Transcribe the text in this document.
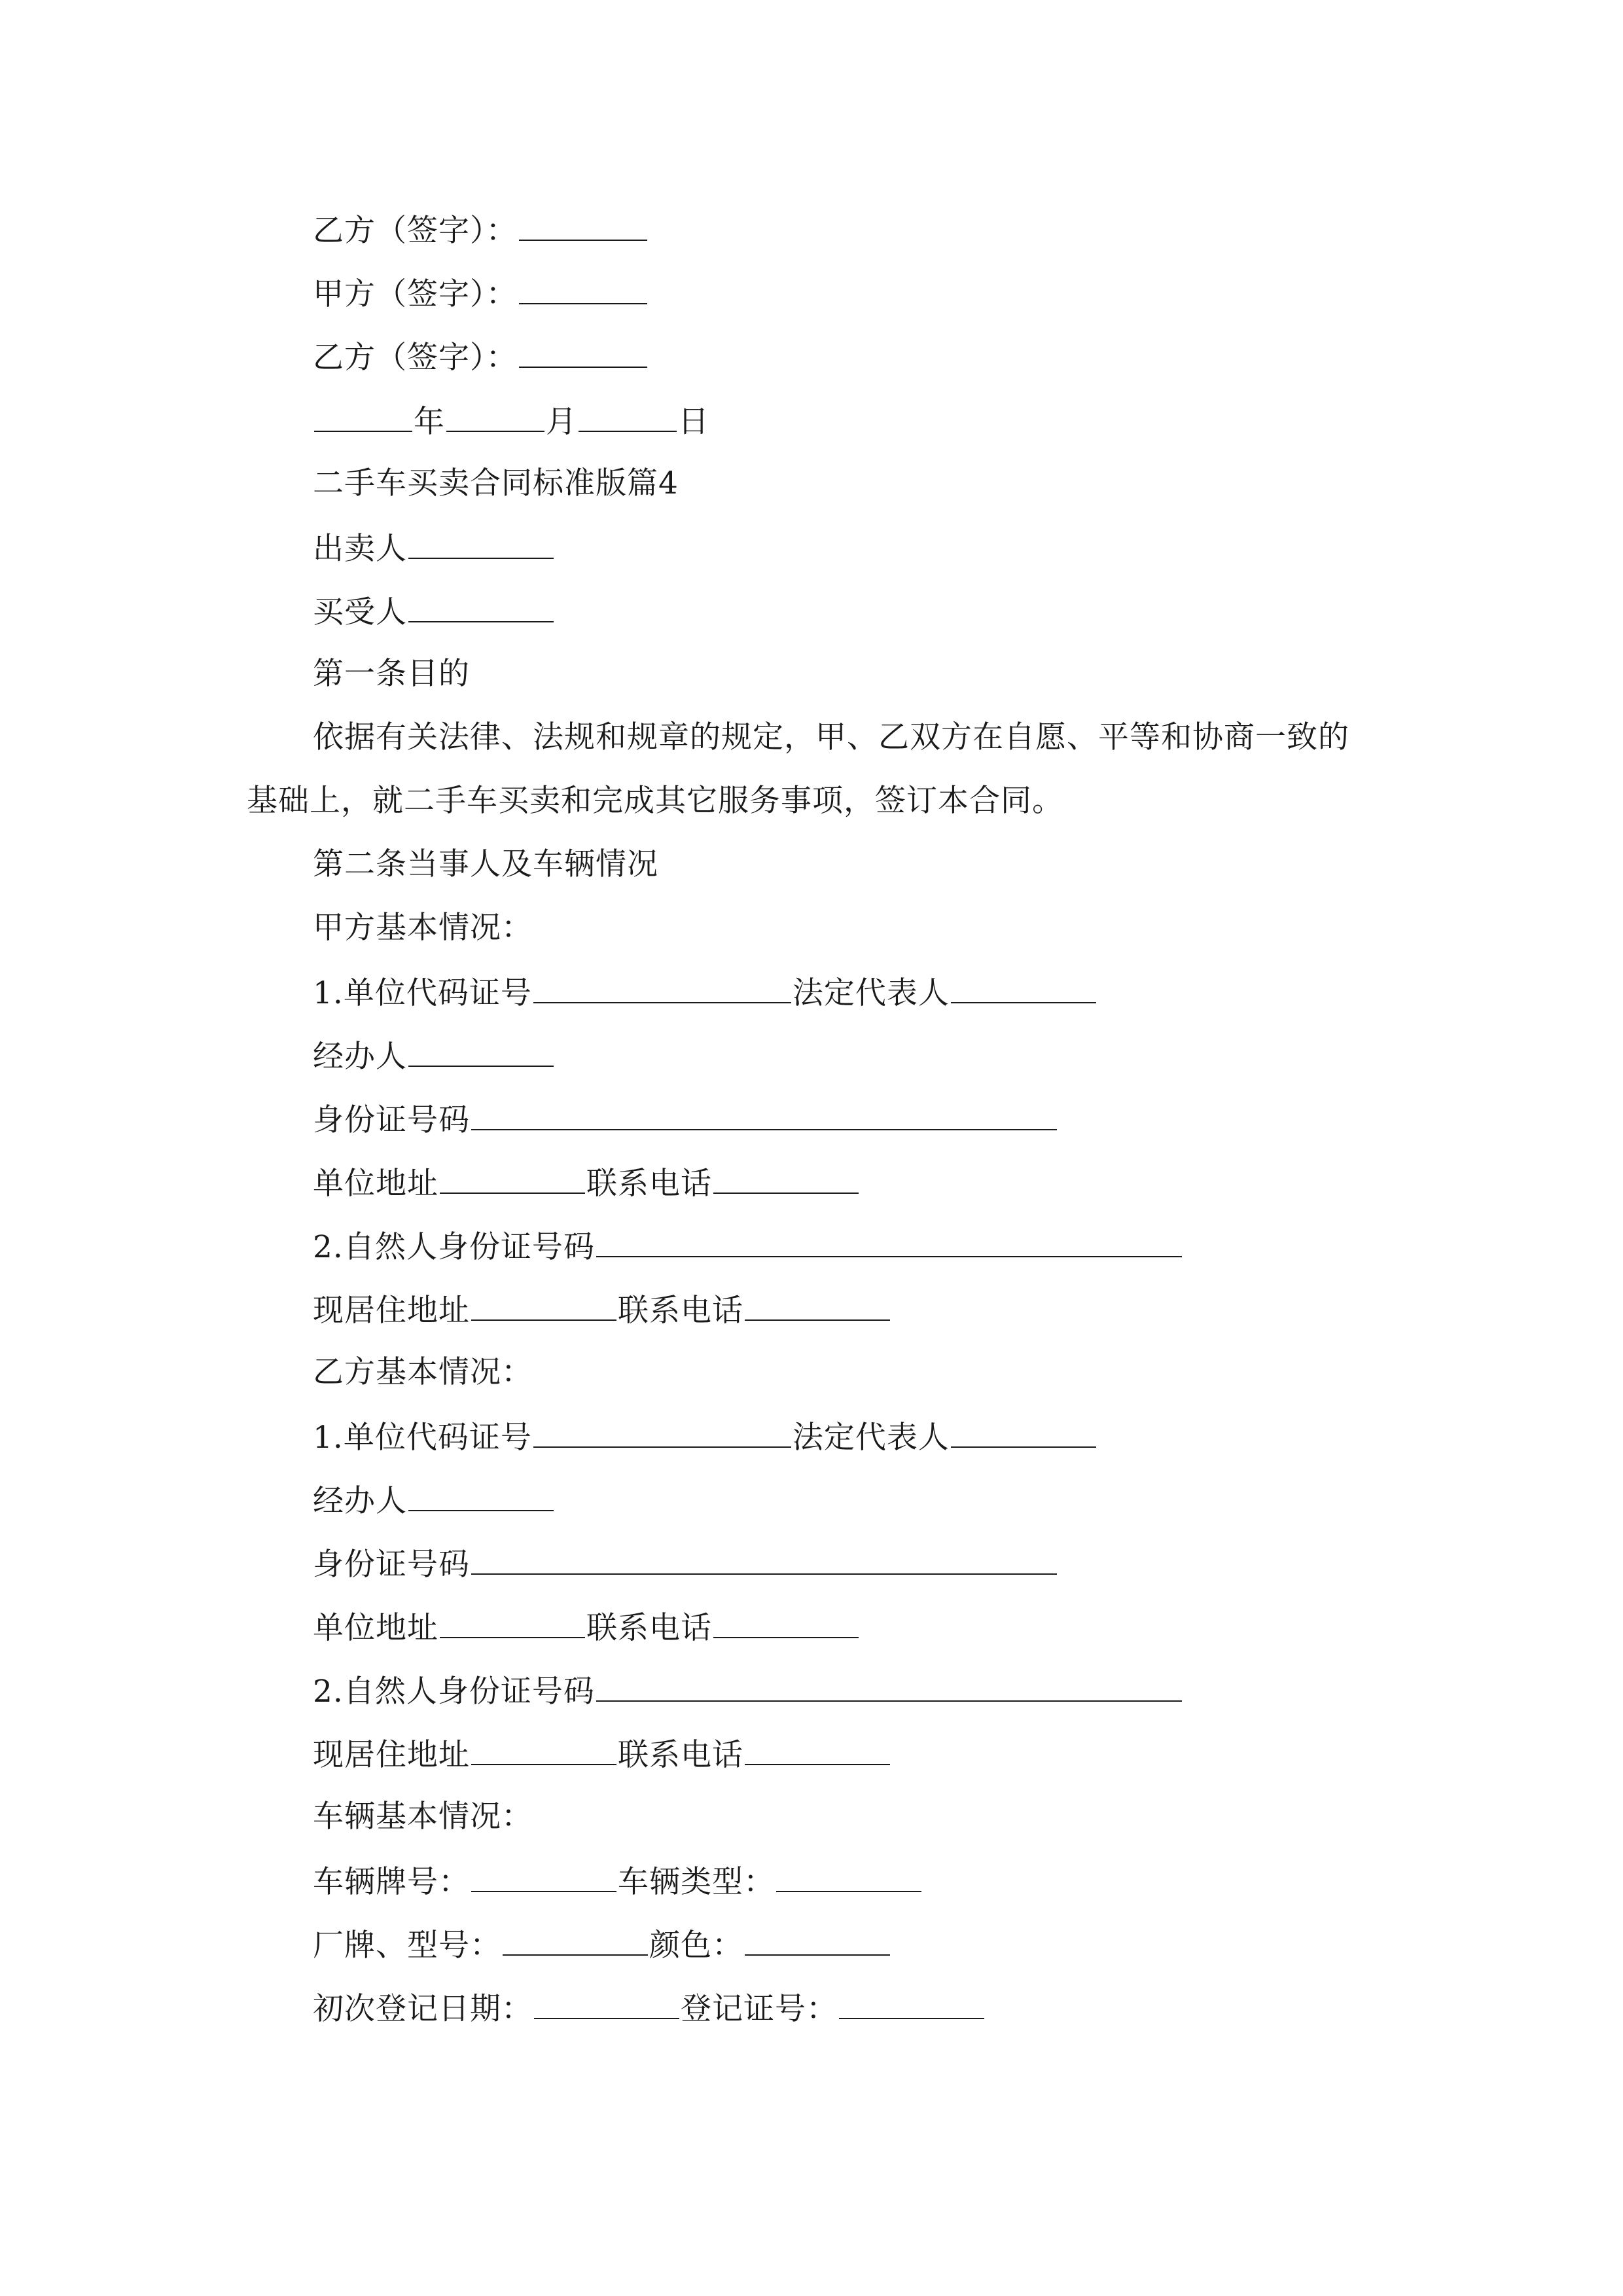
乙方（签字）：
甲方（签字）：
乙方（签字）：
年	月	日
二手车买卖合同标准版篇4
出卖人
买受人
第一条目的
依据有关法律、法规和规章的规定，甲、乙双方在自愿、平等和协商一致的
基础上，就二手车买卖和完成其它服务事项，签订本合同。
第二条当事人及车辆情况
甲方基本情况：
1.单位代码证号	法定代表人
经办人
身份证号码
单位地址	联系电话
2.自然人身份证号码
现居住地址	联系电话
乙方基本情况：
1.单位代码证号	法定代表人
经办人
身份证号码
单位地址	联系电话
2.自然人身份证号码
现居住地址	联系电话
车辆基本情况：
车辆牌号：	车辆类型：
厂牌、型号：	颜色：
初次登记日期：	登记证号：
